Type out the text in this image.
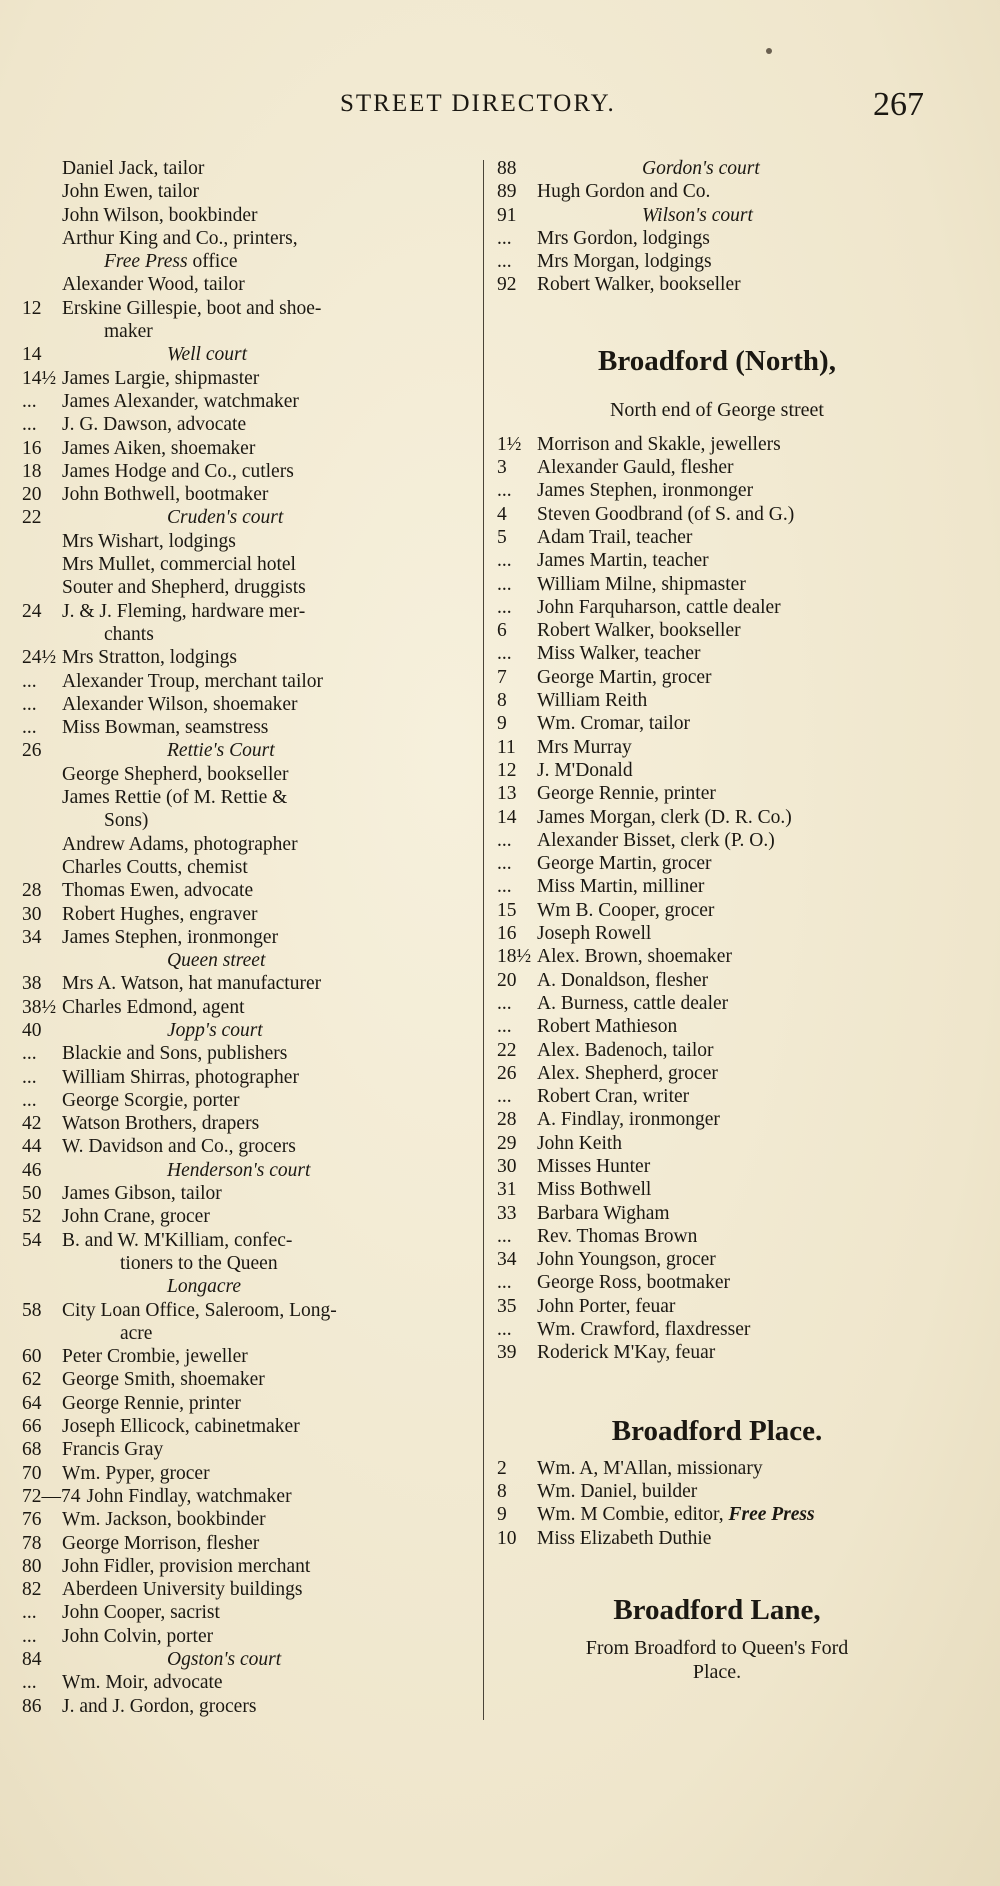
STREET DIRECTORY.	267
Daniel Jack, tailor
John Ewen, tailor
John Wilson, bookbinder
Arthur King and Co., printers,
Free Press office
Alexander Wood, tailor
12 Erskine Gillespie, boot and shoe-
maker
14	Well court
14½ James Largie, shipmaster
... James Alexander, watchmaker
... J. G. Dawson, advocate
16 James Aiken, shoemaker
18 James Hodge and Co., cutlers
20 John Bothwell, bootmaker
22	Cruden's court
Mrs Wishart, lodgings
Mrs Mullet, commercial hotel
Souter and Shepherd, druggists
24 J. & J. Fleming, hardware mer-
chants
24½ Mrs Stratton, lodgings
... Alexander Troup, merchant tailor
... Alexander Wilson, shoemaker
... Miss Bowman, seamstress
26	Rettie's Court
George Shepherd, bookseller
James Rettie (of M. Rettie &
Sons)
Andrew Adams, photographer
Charles Coutts, chemist
28 Thomas Ewen, advocate
30 Robert Hughes, engraver
34 James Stephen, ironmonger
Queen street
38 Mrs A. Watson, hat manufacturer
38½ Charles Edmond, agent
40	Jopp's court
... Blackie and Sons, publishers
... William Shirras, photographer
... George Scorgie, porter
42 Watson Brothers, drapers
44 W. Davidson and Co., grocers
46	Henderson's court
50 James Gibson, tailor
52 John Crane, grocer
54 B. and W. M'Killiam, confec-
tioners to the Queen
Longacre
58 City Loan Office, Saleroom, Long-
acre
60 Peter Crombie, jeweller
62 George Smith, shoemaker
64 George Rennie, printer
66 Joseph Ellicock, cabinetmaker
68 Francis Gray
70 Wm. Pyper, grocer
72—74 John Findlay, watchmaker
76 Wm. Jackson, bookbinder
78 George Morrison, flesher
80 John Fidler, provision merchant
82 Aberdeen University buildings
... John Cooper, sacrist
... John Colvin, porter
84	Ogston's court
... Wm. Moir, advocate
86 J. and J. Gordon, grocers
88	Gordon's court
89 Hugh Gordon and Co.
91	Wilson's court
... Mrs Gordon, lodgings
... Mrs Morgan, lodgings
92 Robert Walker, bookseller
Broadford (North),
North end of George street
1½ Morrison and Skakle, jewellers
3 Alexander Gauld, flesher
... James Stephen, ironmonger
4 Steven Goodbrand (of S. and G.)
5 Adam Trail, teacher
... James Martin, teacher
... William Milne, shipmaster
... John Farquharson, cattle dealer
6 Robert Walker, bookseller
... Miss Walker, teacher
7 George Martin, grocer
8 William Reith
9 Wm. Cromar, tailor
11 Mrs Murray
12 J. M'Donald
13 George Rennie, printer
14 James Morgan, clerk (D. R. Co.)
... Alexander Bisset, clerk (P. O.)
... George Martin, grocer
... Miss Martin, milliner
15 Wm B. Cooper, grocer
16 Joseph Rowell
18½ Alex. Brown, shoemaker
20 A. Donaldson, flesher
... A. Burness, cattle dealer
... Robert Mathieson
22 Alex. Badenoch, tailor
26 Alex. Shepherd, grocer
... Robert Cran, writer
28 A. Findlay, ironmonger
29 John Keith
30 Misses Hunter
31 Miss Bothwell
33 Barbara Wigham
... Rev. Thomas Brown
34 John Youngson, grocer
... George Ross, bootmaker
35 John Porter, feuar
... Wm. Crawford, flaxdresser
39 Roderick M'Kay, feuar
Broadford Place.
2 Wm. A, M'Allan, missionary
8 Wm. Daniel, builder
9 Wm. M Combie, editor, Free Press
10 Miss Elizabeth Duthie
Broadford Lane,
From Broadford to Queen's Ford
Place.
